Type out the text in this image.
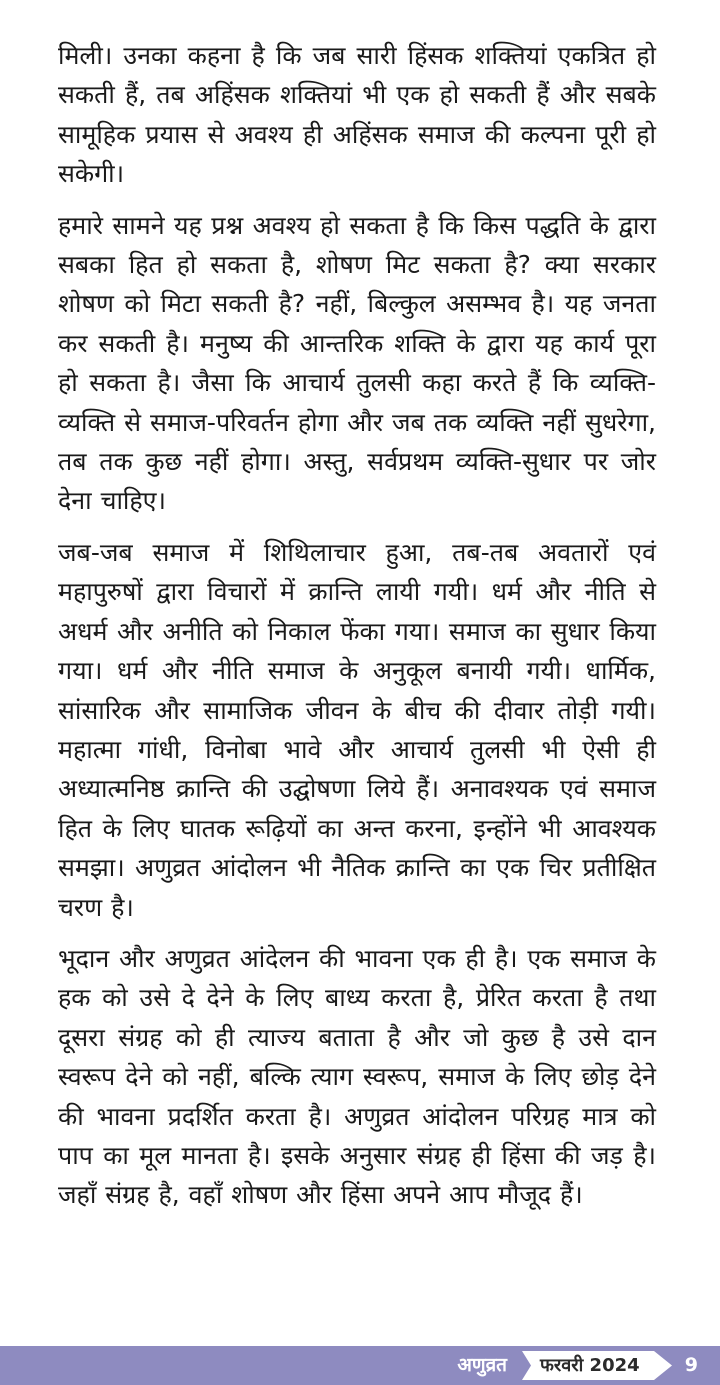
मिली। उनका कहना है कि जब सारी हिंसक शक्तियां एकत्रित हो सकती हैं, तब अहिंसक शक्तियां भी एक हो सकती हैं और सबके सामूहिक प्रयास से अवश्य ही अहिंसक समाज की कल्पना पूरी हो सकेगी।

हमारे सामने यह प्रश्न अवश्य हो सकता है कि किस पद्धति के द्वारा सबका हित हो सकता है, शोषण मिट सकता है? क्या सरकार शोषण को मिटा सकती है? नहीं, बिल्कुल असम्भव है। यह जनता कर सकती है। मनुष्य की आन्तरिक शक्ति के द्वारा यह कार्य पूरा हो सकता है। जैसा कि आचार्य तुलसी कहा करते हैं कि व्यक्ति-व्यक्ति से समाज-परिवर्तन होगा और जब तक व्यक्ति नहीं सुधरेगा, तब तक कुछ नहीं होगा। अस्तु, सर्वप्रथम व्यक्ति-सुधार पर जोर देना चाहिए।

जब-जब समाज में शिथिलाचार हुआ, तब-तब अवतारों एवं महापुरुषों द्वारा विचारों में क्रान्ति लायी गयी। धर्म और नीति से अधर्म और अनीति को निकाल फेंका गया। समाज का सुधार किया गया। धर्म और नीति समाज के अनुकूल बनायी गयी। धार्मिक, सांसारिक और सामाजिक जीवन के बीच की दीवार तोड़ी गयी। महात्मा गांधी, विनोबा भावे और आचार्य तुलसी भी ऐसी ही अध्यात्मनिष्ठ क्रान्ति की उद्घोषणा लिये हैं। अनावश्यक एवं समाज हित के लिए घातक रूढ़ियों का अन्त करना, इन्होंने भी आवश्यक समझा। अणुव्रत आंदोलन भी नैतिक क्रान्ति का एक चिर प्रतीक्षित चरण है।

भूदान और अणुव्रत आंदेलन की भावना एक ही है। एक समाज के हक को उसे दे देने के लिए बाध्य करता है, प्रेरित करता है तथा दूसरा संग्रह को ही त्याज्य बताता है और जो कुछ है उसे दान स्वरूप देने को नहीं, बल्कि त्याग स्वरूप, समाज के लिए छोड़ देने की भावना प्रदर्शित करता है। अणुव्रत आंदोलन परिग्रह मात्र को पाप का मूल मानता है। इसके अनुसार संग्रह ही हिंसा की जड़ है। जहाँ संग्रह है, वहाँ शोषण और हिंसा अपने आप मौजूद हैं।

अणुव्रत फरवरी 2024 9
